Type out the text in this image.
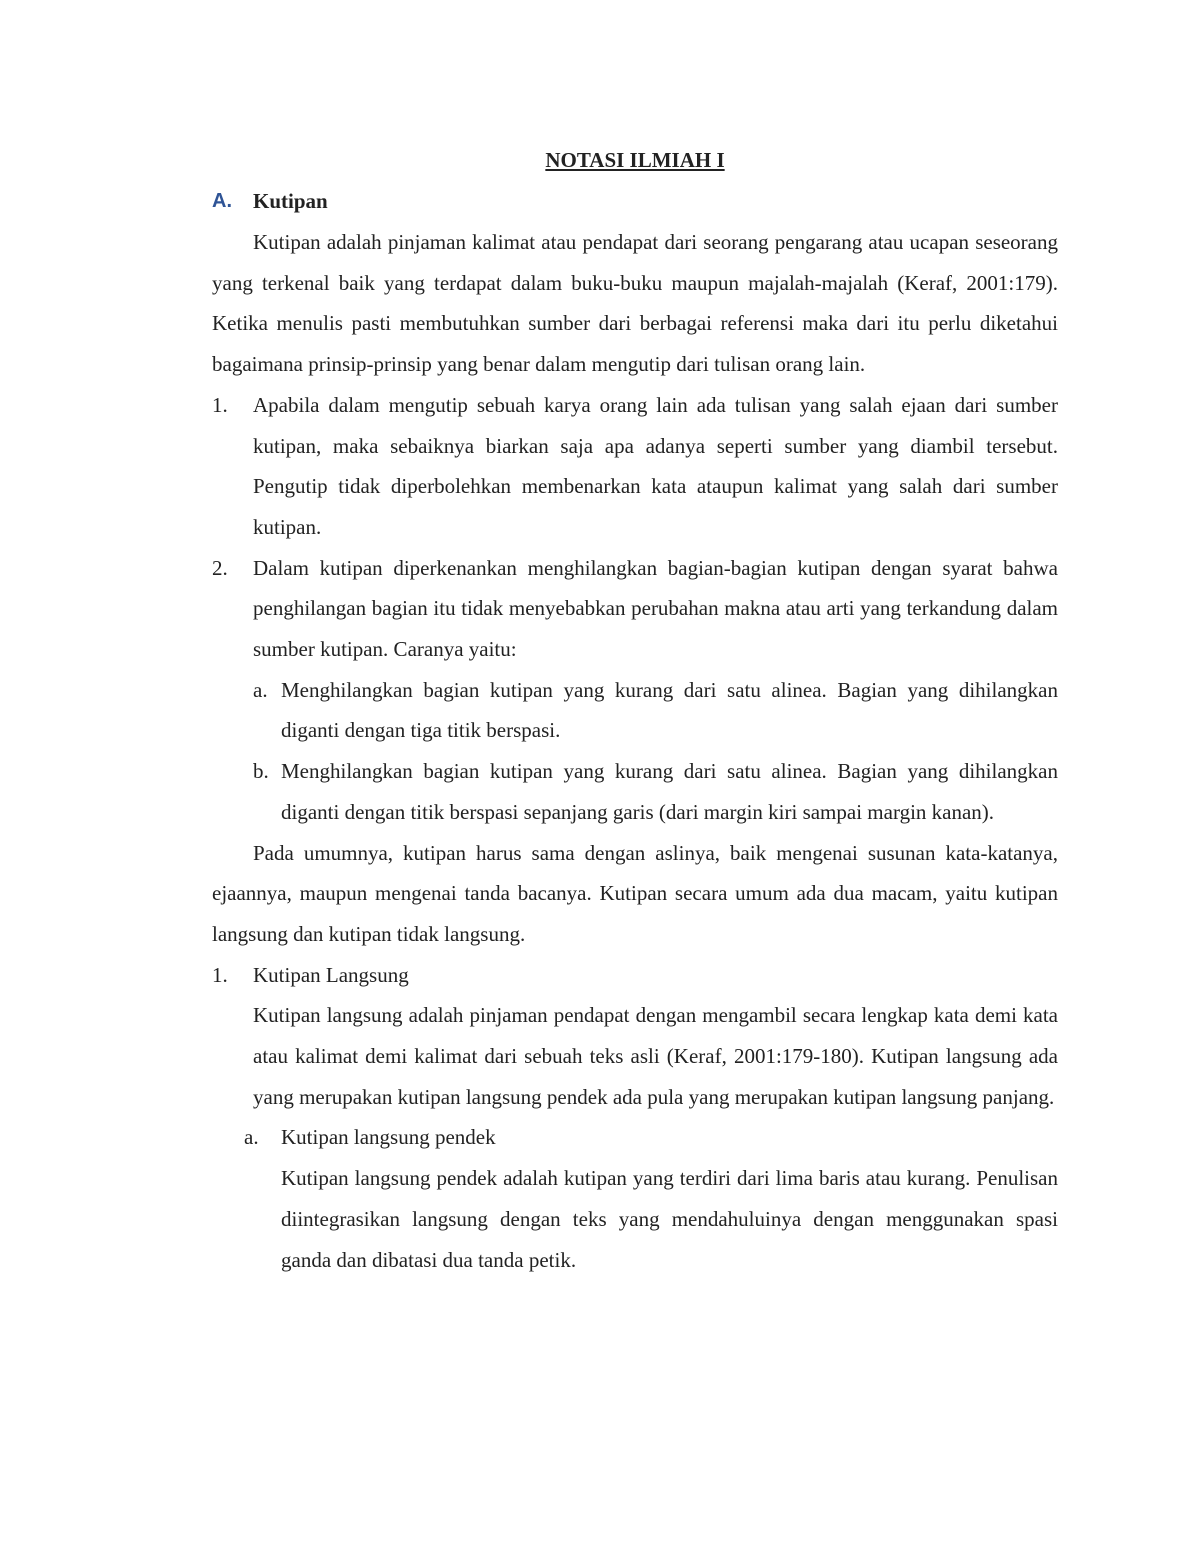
NOTASI ILMIAH I

A. Kutipan

Kutipan adalah pinjaman kalimat atau pendapat dari seorang pengarang atau ucapan seseorang yang terkenal baik yang terdapat dalam buku-buku maupun majalah-majalah (Keraf, 2001:179). Ketika menulis pasti membutuhkan sumber dari berbagai referensi maka dari itu perlu diketahui bagaimana prinsip-prinsip yang benar dalam mengutip dari tulisan orang lain.

1. Apabila dalam mengutip sebuah karya orang lain ada tulisan yang salah ejaan dari sumber kutipan, maka sebaiknya biarkan saja apa adanya seperti sumber yang diambil tersebut. Pengutip tidak diperbolehkan membenarkan kata ataupun kalimat yang salah dari sumber kutipan.

2. Dalam kutipan diperkenankan menghilangkan bagian-bagian kutipan dengan syarat bahwa penghilangan bagian itu tidak menyebabkan perubahan makna atau arti yang terkandung dalam sumber kutipan. Caranya yaitu:

a. Menghilangkan bagian kutipan yang kurang dari satu alinea. Bagian yang dihilangkan diganti dengan tiga titik berspasi.

b. Menghilangkan bagian kutipan yang kurang dari satu alinea. Bagian yang dihilangkan diganti dengan titik berspasi sepanjang garis (dari margin kiri sampai margin kanan).

Pada umumnya, kutipan harus sama dengan aslinya, baik mengenai susunan kata-katanya, ejaannya, maupun mengenai tanda bacanya. Kutipan secara umum ada dua macam, yaitu kutipan langsung dan kutipan tidak langsung.

1. Kutipan Langsung

Kutipan langsung adalah pinjaman pendapat dengan mengambil secara lengkap kata demi kata atau kalimat demi kalimat dari sebuah teks asli (Keraf, 2001:179-180). Kutipan langsung ada yang merupakan kutipan langsung pendek ada pula yang merupakan kutipan langsung panjang.

a. Kutipan langsung pendek

Kutipan langsung pendek adalah kutipan yang terdiri dari lima baris atau kurang. Penulisan diintegrasikan langsung dengan teks yang mendahuluinya dengan menggunakan spasi ganda dan dibatasi dua tanda petik.
